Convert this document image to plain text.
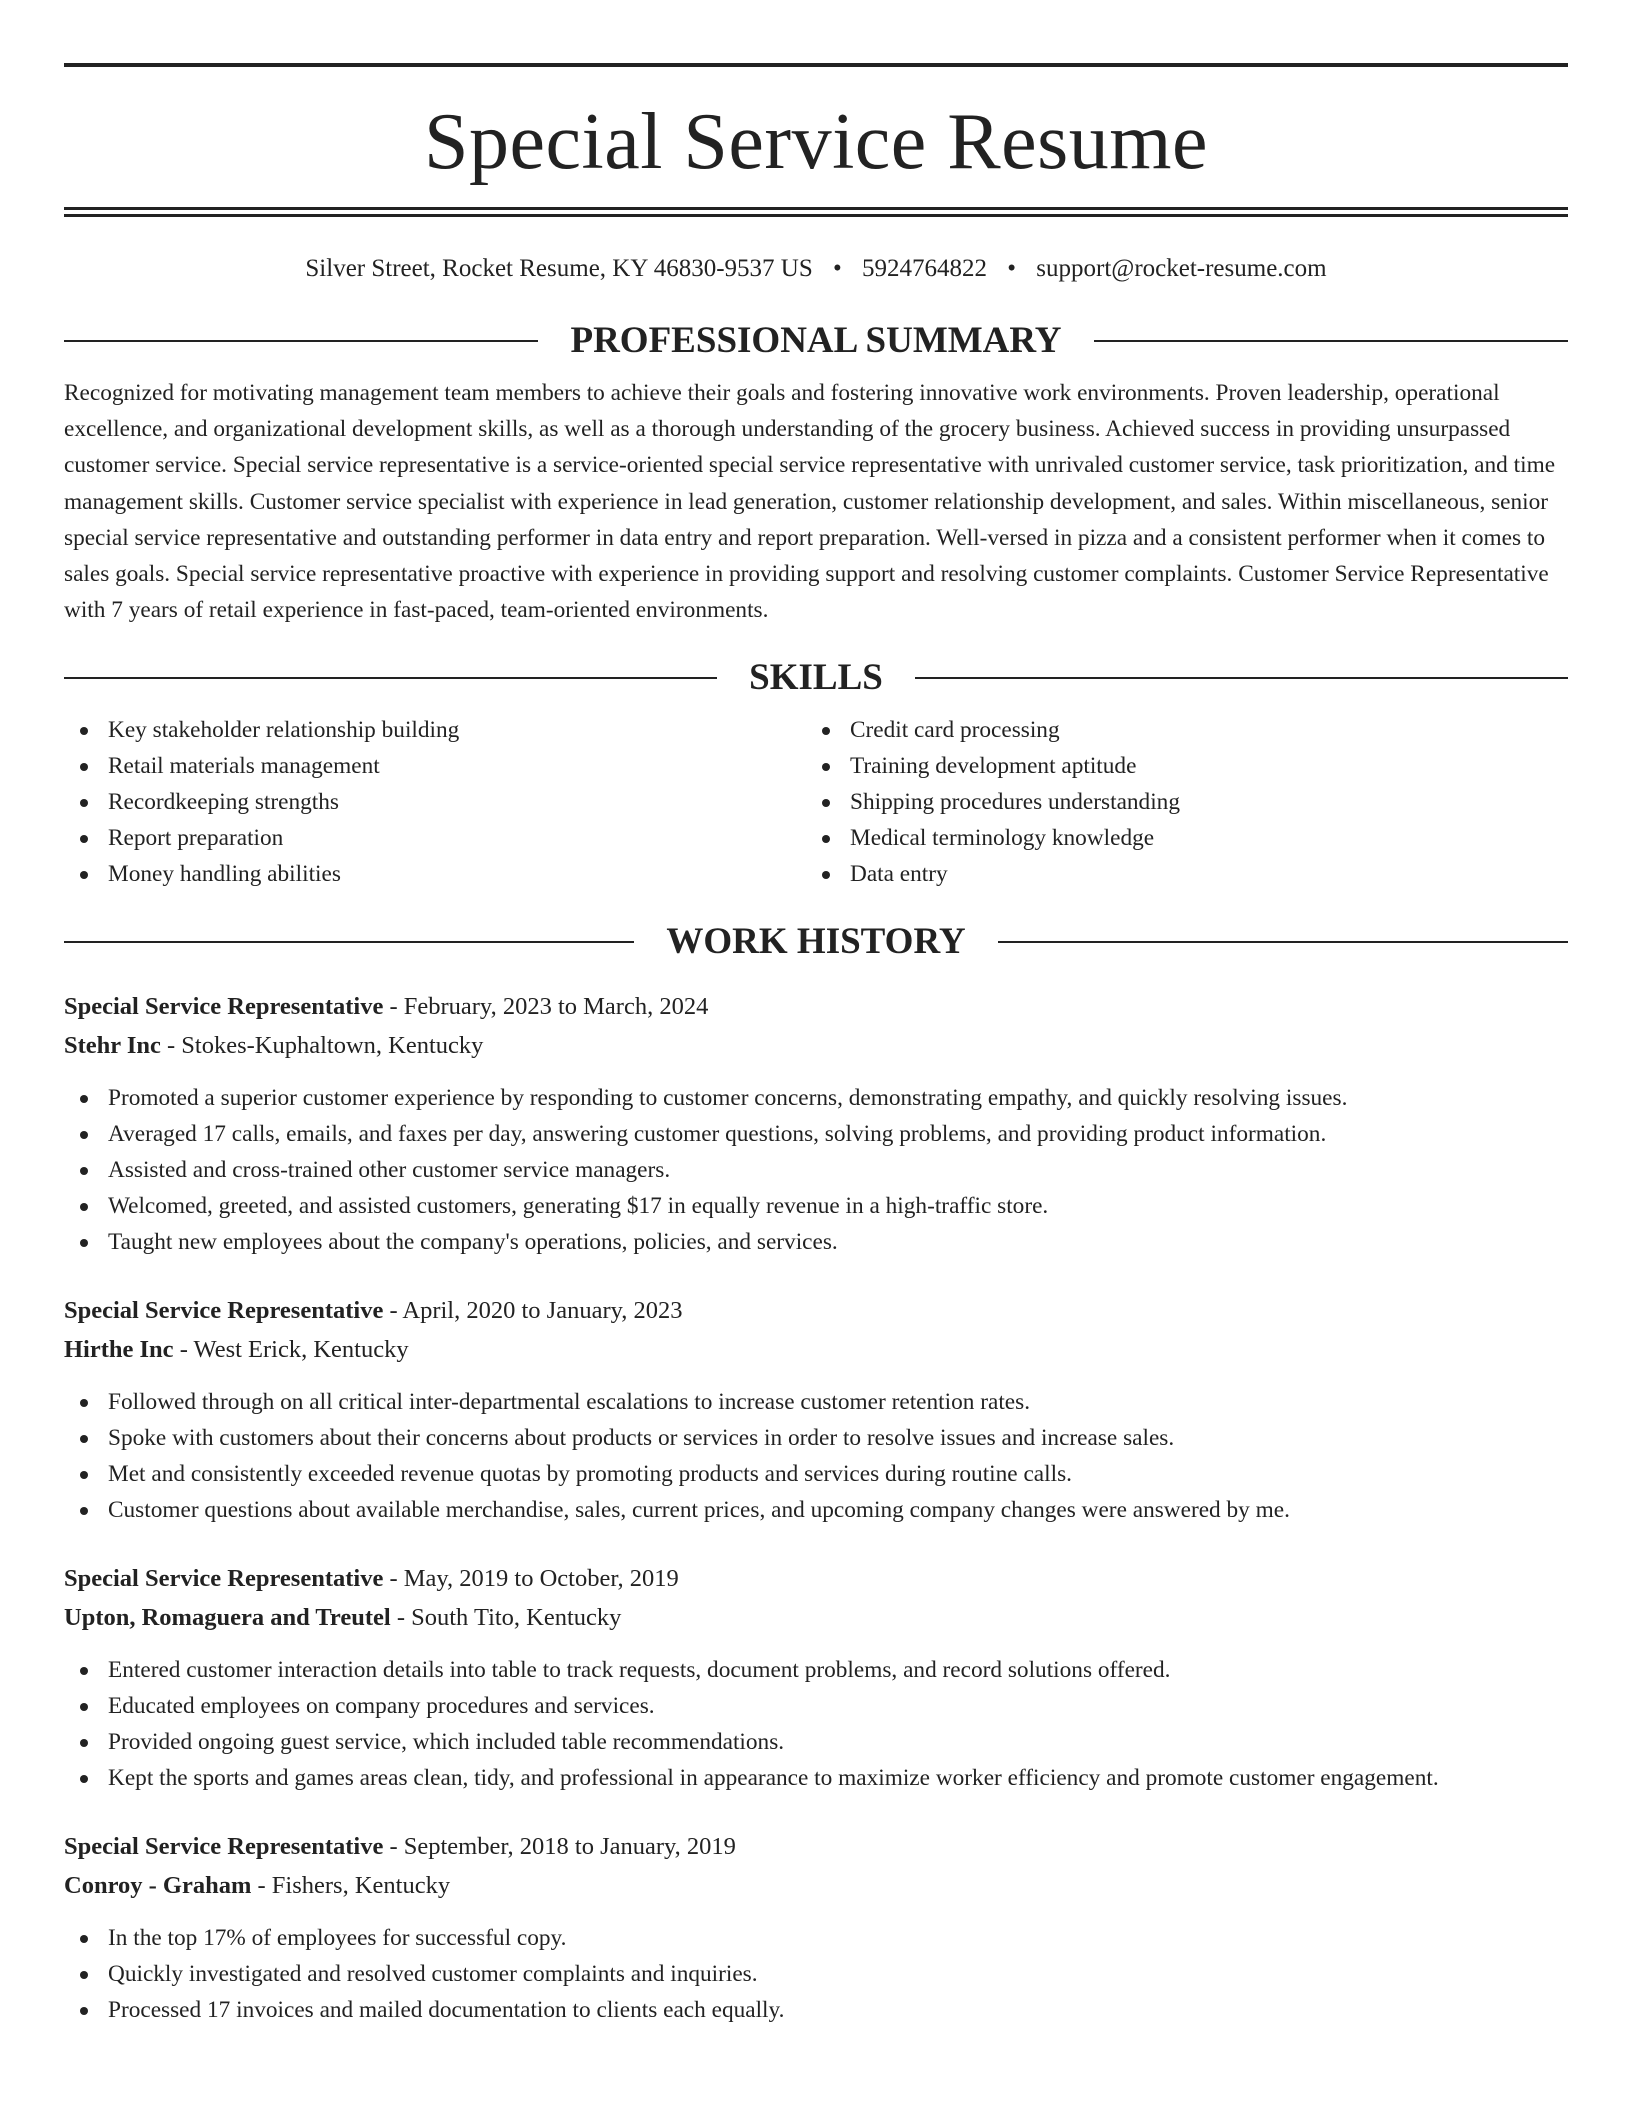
Special Service Resume
Silver Street, Rocket Resume, KY 46830-9537 US • 5924764822 • support@rocket-resume.com
PROFESSIONAL SUMMARY

Recognized for motivating management team members to achieve their goals and fostering innovative work environments. Proven leadership, operational excellence, and organizational development skills, as well as a thorough understanding of the grocery business. Achieved success in providing unsurpassed customer service. Special service representative is a service-oriented special service representative with unrivaled customer service, task prioritization, and time management skills. Customer service specialist with experience in lead generation, customer relationship development, and sales. Within miscellaneous, senior special service representative and outstanding performer in data entry and report preparation. Well-versed in pizza and a consistent performer when it comes to sales goals. Special service representative proactive with experience in providing support and resolving customer complaints. Customer Service Representative with 7 years of retail experience in fast-paced, team-oriented environments.

SKILLS
Key stakeholder relationship building
Retail materials management
Recordkeeping strengths
Report preparation
Money handling abilities
Credit card processing
Training development aptitude
Shipping procedures understanding
Medical terminology knowledge
Data entry
WORK HISTORY
Special Service Representative - February, 2023 to March, 2024
Stehr Inc - Stokes-Kuphaltown, Kentucky
Promoted a superior customer experience by responding to customer concerns, demonstrating empathy, and quickly resolving issues.
Averaged 17 calls, emails, and faxes per day, answering customer questions, solving problems, and providing product information.
Assisted and cross-trained other customer service managers.
Welcomed, greeted, and assisted customers, generating $17 in equally revenue in a high-traffic store.
Taught new employees about the company's operations, policies, and services.
Special Service Representative - April, 2020 to January, 2023
Hirthe Inc - West Erick, Kentucky
Followed through on all critical inter-departmental escalations to increase customer retention rates.
Spoke with customers about their concerns about products or services in order to resolve issues and increase sales.
Met and consistently exceeded revenue quotas by promoting products and services during routine calls.
Customer questions about available merchandise, sales, current prices, and upcoming company changes were answered by me.
Special Service Representative - May, 2019 to October, 2019
Upton, Romaguera and Treutel - South Tito, Kentucky
Entered customer interaction details into table to track requests, document problems, and record solutions offered.
Educated employees on company procedures and services.
Provided ongoing guest service, which included table recommendations.
Kept the sports and games areas clean, tidy, and professional in appearance to maximize worker efficiency and promote customer engagement.
Special Service Representative - September, 2018 to January, 2019
Conroy - Graham - Fishers, Kentucky
In the top 17% of employees for successful copy.
Quickly investigated and resolved customer complaints and inquiries.
Processed 17 invoices and mailed documentation to clients each equally.
